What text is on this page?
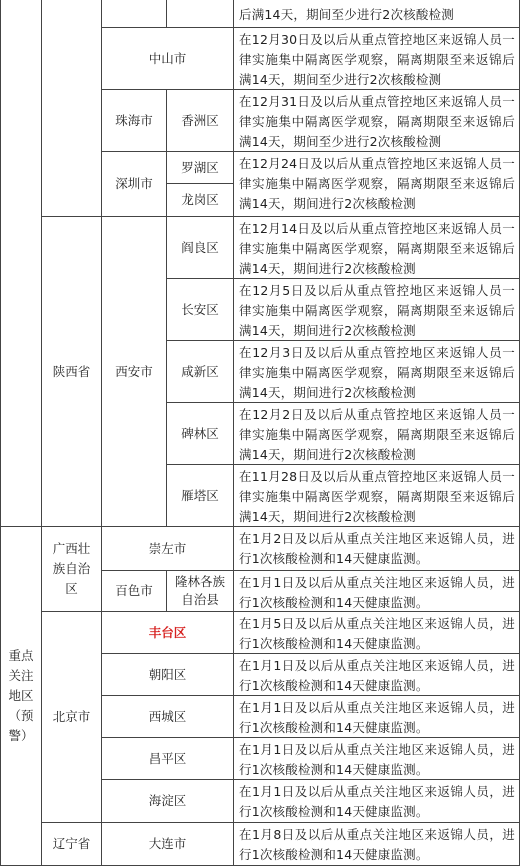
重点关注地区（预警）
陕西省
后满14天，期间至少进行2次核酸检测
中山市
在12月30日及以后从重点管控地区来返锦人员一律实施集中隔离医学观察，隔离期限至来返锦后满14天，期间至少进行2次核酸检测
珠海市 香洲区
在12月31日及以后从重点管控地区来返锦人员一律实施集中隔离医学观察，隔离期限至来返锦后满14天，期间至少进行2次核酸检测
深圳市
罗湖区
龙岗区
在12月24日及以后从重点管控地区来返锦人员一律实施集中隔离医学观察，隔离期限至来返锦后满14天，期间进行2次核酸检测
西安市
阎良区
在12月14日及以后从重点管控地区来返锦人员一律实施集中隔离医学观察，隔离期限至来返锦后满14天，期间进行2次核酸检测
长安区
在12月5日及以后从重点管控地区来返锦人员一律实施集中隔离医学观察，隔离期限至来返锦后满14天，期间进行2次核酸检测
咸新区
在12月3日及以后从重点管控地区来返锦人员一律实施集中隔离医学观察，隔离期限至来返锦后满14天，期间进行2次核酸检测
碑林区
在12月2日及以后从重点管控地区来返锦人员一律实施集中隔离医学观察，隔离期限至来返锦后满14天，期间进行2次核酸检测
雁塔区
在11月28日及以后从重点管控地区来返锦人员一律实施集中隔离医学观察，隔离期限至来返锦后满14天，期间进行2次核酸检测
广西壮族自治区
崇左市
在1月2日及以后从重点关注地区来返锦人员，进行1次核酸检测和14天健康监测。
百色市
隆林各族自治县
在1月1日及以后从重点关注地区来返锦人员，进行1次核酸检测和14天健康监测。
北京市
丰台区
在1月5日及以后从重点关注地区来返锦人员，进行1次核酸检测和14天健康监测。
朝阳区
在1月1日及以后从重点关注地区来返锦人员，进行1次核酸检测和14天健康监测。
西城区
在1月1日及以后从重点关注地区来返锦人员，进行1次核酸检测和14天健康监测。
昌平区
在1月1日及以后从重点关注地区来返锦人员，进行1次核酸检测和14天健康监测。
海淀区
在1月1日及以后从重点关注地区来返锦人员，进行1次核酸检测和14天健康监测。
辽宁省	大连市
在1月8日及以后从重点关注地区来返锦人员，进行1次核酸检测和14天健康监测。
